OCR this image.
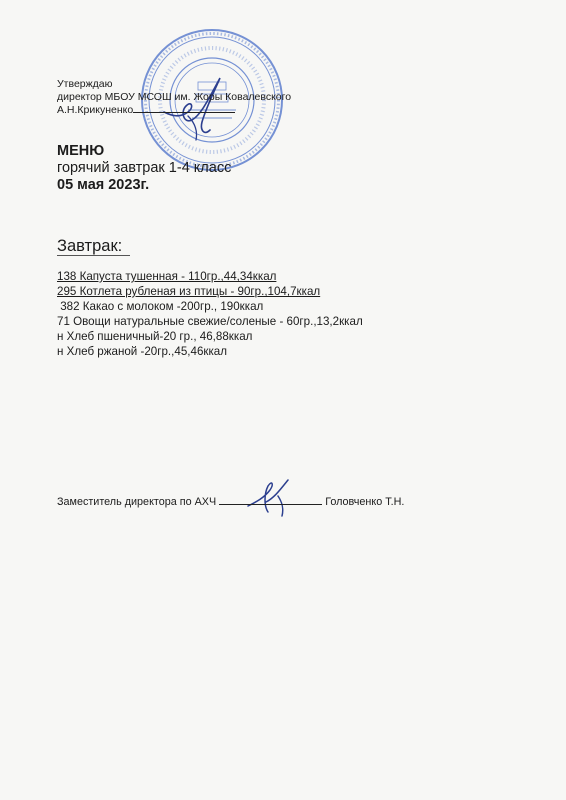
Утверждаю
директор МБОУ МСОШ им. Жоры Ковалевского
А.Н.Крикуненко
МЕНЮ
горячий завтрак 1-4 класс
05 мая 2023г.
Завтрак:
138 Капуста тушенная - 110гр.,44,34ккал
295 Котлета рубленая из птицы - 90гр.,104,7ккал
382 Какао с молоком -200гр., 190ккал
71 Овощи натуральные свежие/соленые - 60гр.,13,2ккал
н Хлеб пшеничный-20 гр., 46,88ккал
н Хлеб ржаной -20гр.,45,46ккал
Заместитель директора по АХЧ	Головченко Т.Н.
